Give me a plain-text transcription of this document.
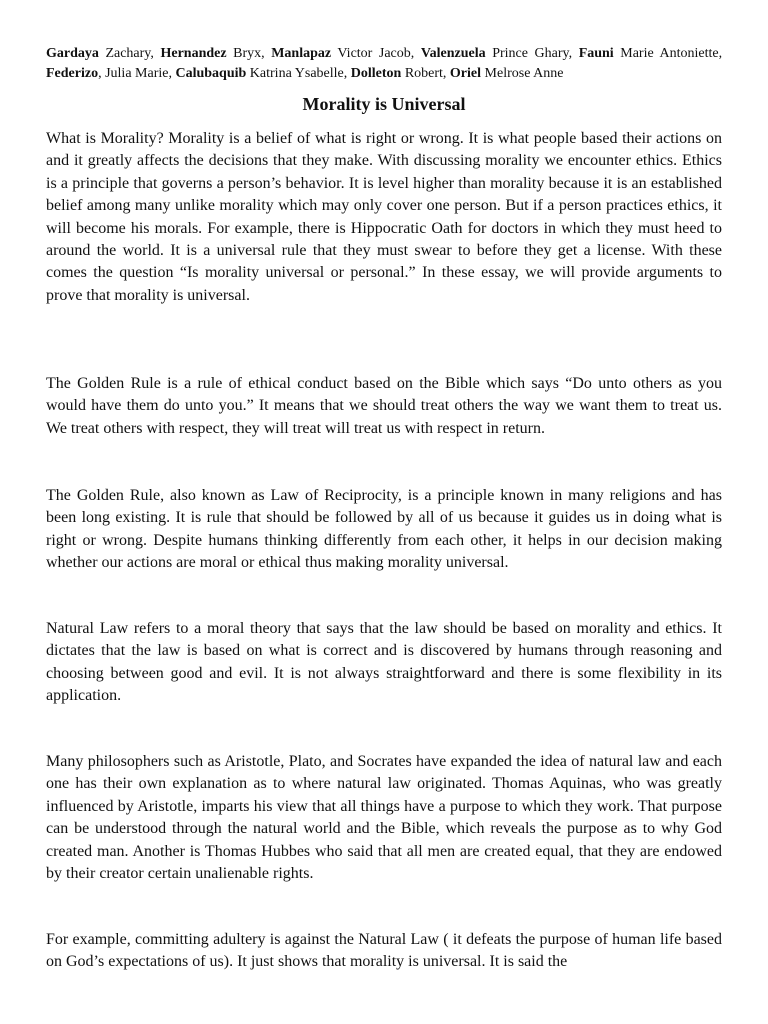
Gardaya Zachary, Hernandez Bryx, Manlapaz Victor Jacob, Valenzuela Prince Ghary, Fauni Marie Antoniette, Federizo, Julia Marie, Calubaquib Katrina Ysabelle, Dolleton Robert, Oriel Melrose Anne

Morality is Universal

What is Morality? Morality is a belief of what is right or wrong. It is what people based their actions on and it greatly affects the decisions that they make. With discussing morality we encounter ethics. Ethics is a principle that governs a person’s behavior. It is level higher than morality because it is an established belief among many unlike morality which may only cover one person. But if a person practices ethics, it will become his morals. For example, there is Hippocratic Oath for doctors in which they must heed to around the world. It is a universal rule that they must swear to before they get a license. With these comes the question “Is morality universal or personal.” In these essay, we will provide arguments to prove that morality is universal.

The Golden Rule is a rule of ethical conduct based on the Bible which says “Do unto others as you would have them do unto you.” It means that we should treat others the way we want them to treat us. We treat others with respect, they will treat will treat us with respect in return.

The Golden Rule, also known as Law of Reciprocity, is a principle known in many religions and has been long existing. It is rule that should be followed by all of us because it guides us in doing what is right or wrong. Despite humans thinking differently from each other, it helps in our decision making whether our actions are moral or ethical thus making morality universal.

Natural Law refers to a moral theory that says that the law should be based on morality and ethics. It dictates that the law is based on what is correct and is discovered by humans through reasoning and choosing between good and evil. It is not always straightforward and there is some flexibility in its application.

Many philosophers such as Aristotle, Plato, and Socrates have expanded the idea of natural law and each one has their own explanation as to where natural law originated. Thomas Aquinas, who was greatly influenced by Aristotle, imparts his view that all things have a purpose to which they work. That purpose can be understood through the natural world and the Bible, which reveals the purpose as to why God created man. Another is Thomas Hubbes who said that all men are created equal, that they are endowed by their creator certain unalienable rights.

For example, committing adultery is against the Natural Law ( it defeats the purpose of human life based on God’s expectations of us). It just shows that morality is universal. It is said the
